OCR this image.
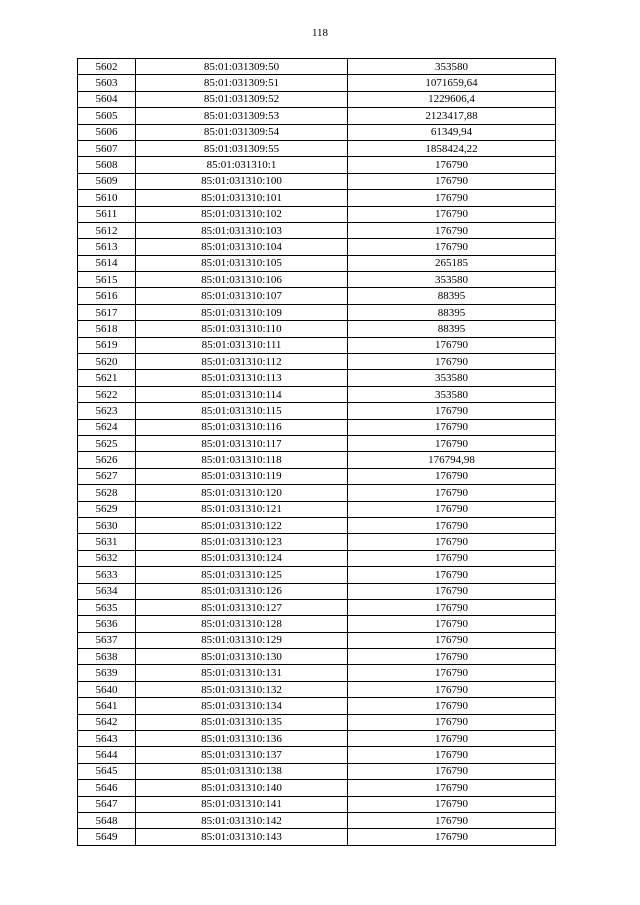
118
5602	85:01:031309:50	353580
5603	85:01:031309:51	1071659,64
5604	85:01:031309:52	1229606,4
5605	85:01:031309:53	2123417,88
5606	85:01:031309:54	61349,94
5607	85:01:031309:55	1858424,22
5608	85:01:031310:1	176790
5609	85:01:031310:100	176790
5610	85:01:031310:101	176790
5611	85:01:031310:102	176790
5612	85:01:031310:103	176790
5613	85:01:031310:104	176790
5614	85:01:031310:105	265185
5615	85:01:031310:106	353580
5616	85:01:031310:107	88395
5617	85:01:031310:109	88395
5618	85:01:031310:110	88395
5619	85:01:031310:111	176790
5620	85:01:031310:112	176790
5621	85:01:031310:113	353580
5622	85:01:031310:114	353580
5623	85:01:031310:115	176790
5624	85:01:031310:116	176790
5625	85:01:031310:117	176790
5626	85:01:031310:118	176794,98
5627	85:01:031310:119	176790
5628	85:01:031310:120	176790
5629	85:01:031310:121	176790
5630	85:01:031310:122	176790
5631	85:01:031310:123	176790
5632	85:01:031310:124	176790
5633	85:01:031310:125	176790
5634	85:01:031310:126	176790
5635	85:01:031310:127	176790
5636	85:01:031310:128	176790
5637	85:01:031310:129	176790
5638	85:01:031310:130	176790
5639	85:01:031310:131	176790
5640	85:01:031310:132	176790
5641	85:01:031310:134	176790
5642	85:01:031310:135	176790
5643	85:01:031310:136	176790
5644	85:01:031310:137	176790
5645	85:01:031310:138	176790
5646	85:01:031310:140	176790
5647	85:01:031310:141	176790
5648	85:01:031310:142	176790
5649	85:01:031310:143	176790
